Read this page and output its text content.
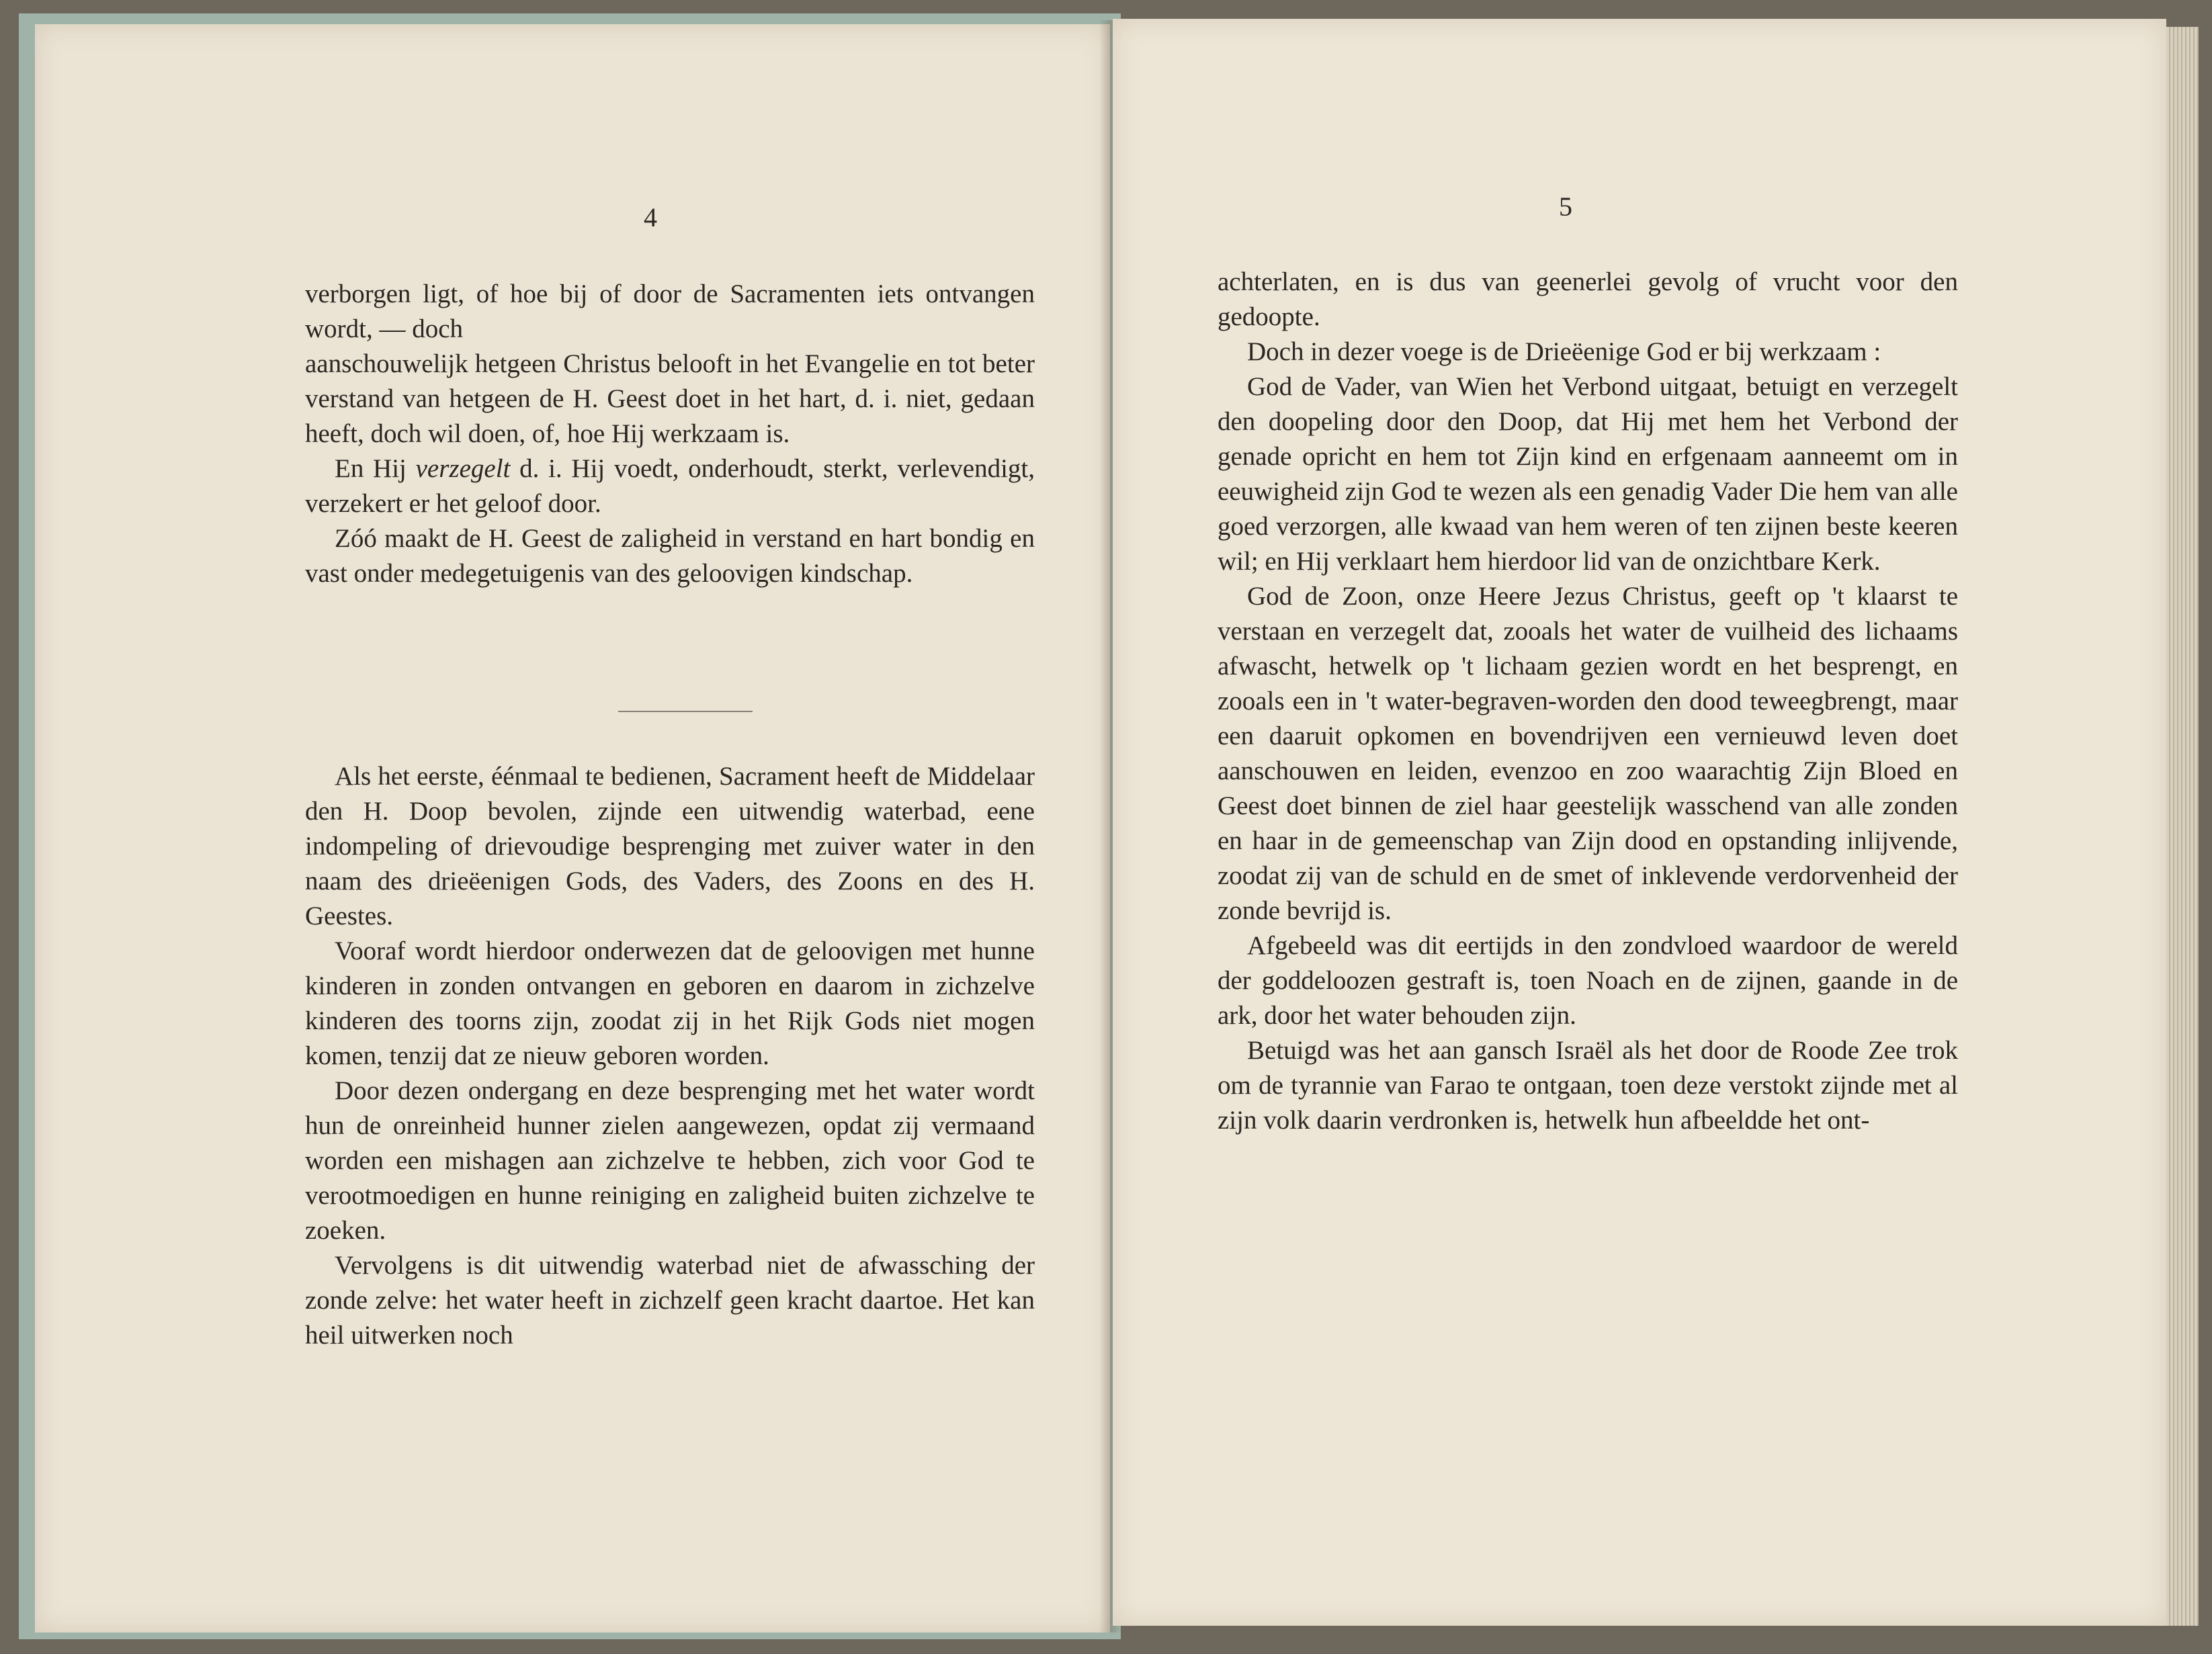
4

verborgen ligt, of hoe bij of door de Sacramenten iets ontvangen wordt, — doch

aanschouwelijk hetgeen Christus belooft in het Evangelie en tot beter verstand van hetgeen de H. Geest doet in het hart, d. i. niet, gedaan heeft, doch wil doen, of, hoe Hij werkzaam is.

En Hij verzegelt d. i. Hij voedt, onderhoudt, sterkt, verlevendigt, verzekert er het geloof door.

Zóó maakt de H. Geest de zaligheid in verstand en hart bondig en vast onder medegetuigenis van des geloovigen kindschap.

Als het eerste, éénmaal te bedienen, Sacrament heeft de Middelaar den H. Doop bevolen, zijnde een uitwendig waterbad, eene indompeling of drievoudige besprenging met zuiver water in den naam des drieëenigen Gods, des Vaders, des Zoons en des H. Geestes.

Vooraf wordt hierdoor onderwezen dat de geloovigen met hunne kinderen in zonden ontvangen en geboren en daarom in zichzelve kinderen des toorns zijn, zoodat zij in het Rijk Gods niet mogen komen, tenzij dat ze nieuw geboren worden.

Door dezen ondergang en deze besprenging met het water wordt hun de onreinheid hunner zielen aangewezen, opdat zij vermaand worden een mishagen aan zichzelve te hebben, zich voor God te verootmoedigen en hunne reiniging en zaligheid buiten zichzelve te zoeken.

Vervolgens is dit uitwendig waterbad niet de afwassching der zonde zelve: het water heeft in zichzelf geen kracht daartoe. Het kan heil uitwerken noch

5

achterlaten, en is dus van geenerlei gevolg of vrucht voor den gedoopte.

Doch in dezer voege is de Drieëenige God er bij werkzaam :

God de Vader, van Wien het Verbond uitgaat, betuigt en verzegelt den doopeling door den Doop, dat Hij met hem het Verbond der genade opricht en hem tot Zijn kind en erfgenaam aanneemt om in eeuwigheid zijn God te wezen als een genadig Vader Die hem van alle goed verzorgen, alle kwaad van hem weren of ten zijnen beste keeren wil; en Hij verklaart hem hierdoor lid van de onzichtbare Kerk.

God de Zoon, onze Heere Jezus Christus, geeft op 't klaarst te verstaan en verzegelt dat, zooals het water de vuilheid des lichaams afwascht, hetwelk op 't lichaam gezien wordt en het besprengt, en zooals een in 't water-begraven-worden den dood teweegbrengt, maar een daaruit opkomen en bovendrijven een vernieuwd leven doet aanschouwen en leiden, evenzoo en zoo waarachtig Zijn Bloed en Geest doet binnen de ziel haar geestelijk wasschend van alle zonden en haar in de gemeenschap van Zijn dood en opstanding inlijvende, zoodat zij van de schuld en de smet of inklevende verdorvenheid der zonde bevrijd is.

Afgebeeld was dit eertijds in den zondvloed waardoor de wereld der goddeloozen gestraft is, toen Noach en de zijnen, gaande in de ark, door het water behouden zijn.

Betuigd was het aan gansch Israël als het door de Roode Zee trok om de tyrannie van Farao te ontgaan, toen deze verstokt zijnde met al zijn volk daarin verdronken is, hetwelk hun afbeeldde het ont-
